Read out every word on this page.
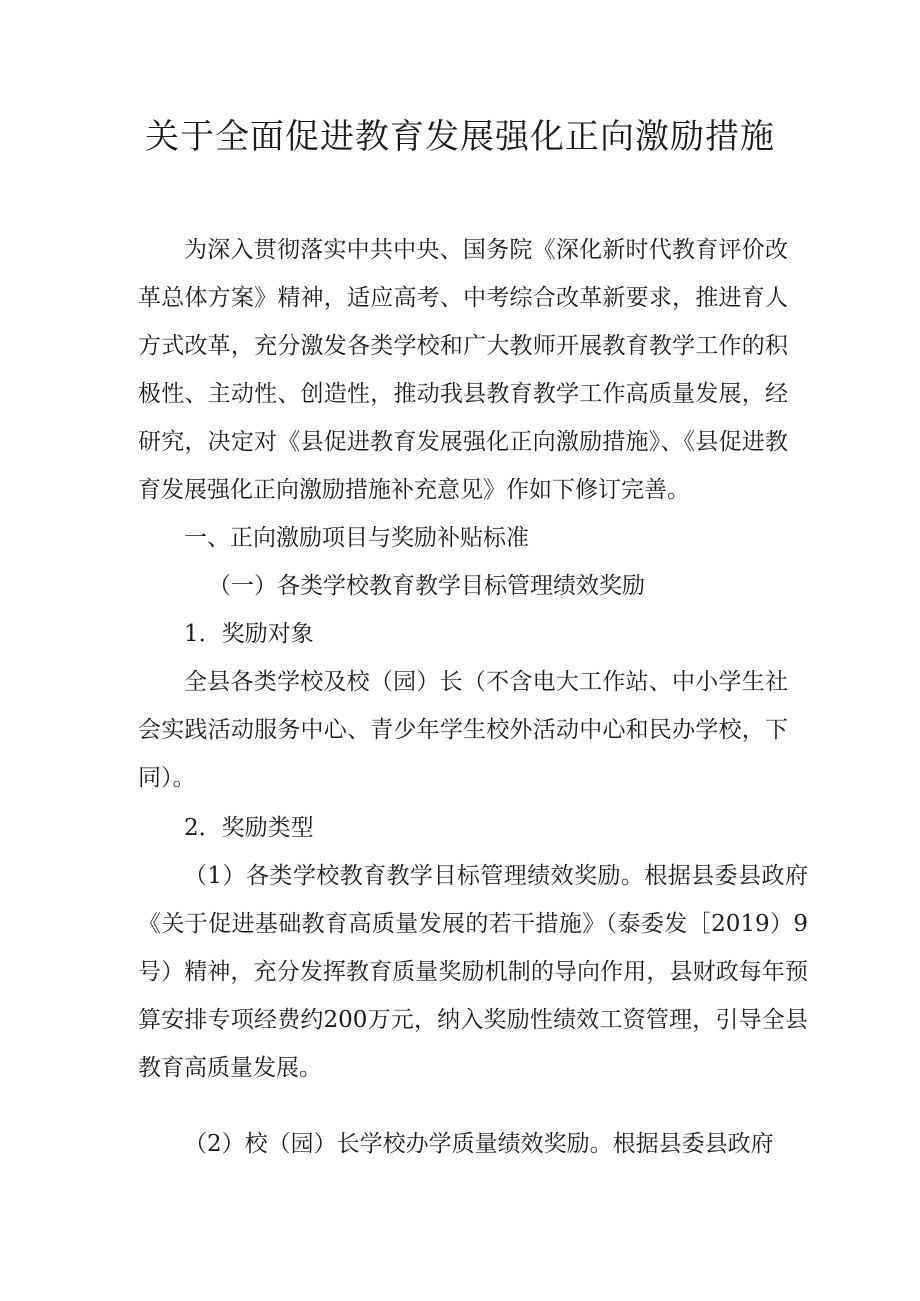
关于全面促进教育发展强化正向激励措施

为深入贯彻落实中共中央、国务院《深化新时代教育评价改革总体方案》精神，适应高考、中考综合改革新要求，推进育人方式改革，充分激发各类学校和广大教师开展教育教学工作的积极性、主动性、创造性，推动我县教育教学工作高质量发展，经研究，决定对《县促进教育发展强化正向激励措施》、《县促进教育发展强化正向激励措施补充意见》作如下修订完善。

一、正向激励项目与奖励补贴标准

（一）各类学校教育教学目标管理绩效奖励

1．奖励对象

全县各类学校及校（园）长（不含电大工作站、中小学生社会实践活动服务中心、青少年学生校外活动中心和民办学校，下同）。

2．奖励类型

（1）各类学校教育教学目标管理绩效奖励。根据县委县政府《关于促进基础教育高质量发展的若干措施》（泰委发［2019）9号）精神，充分发挥教育质量奖励机制的导向作用，县财政每年预算安排专项经费约200万元，纳入奖励性绩效工资管理，引导全县教育高质量发展。

（2）校（园）长学校办学质量绩效奖励。根据县委县政府
